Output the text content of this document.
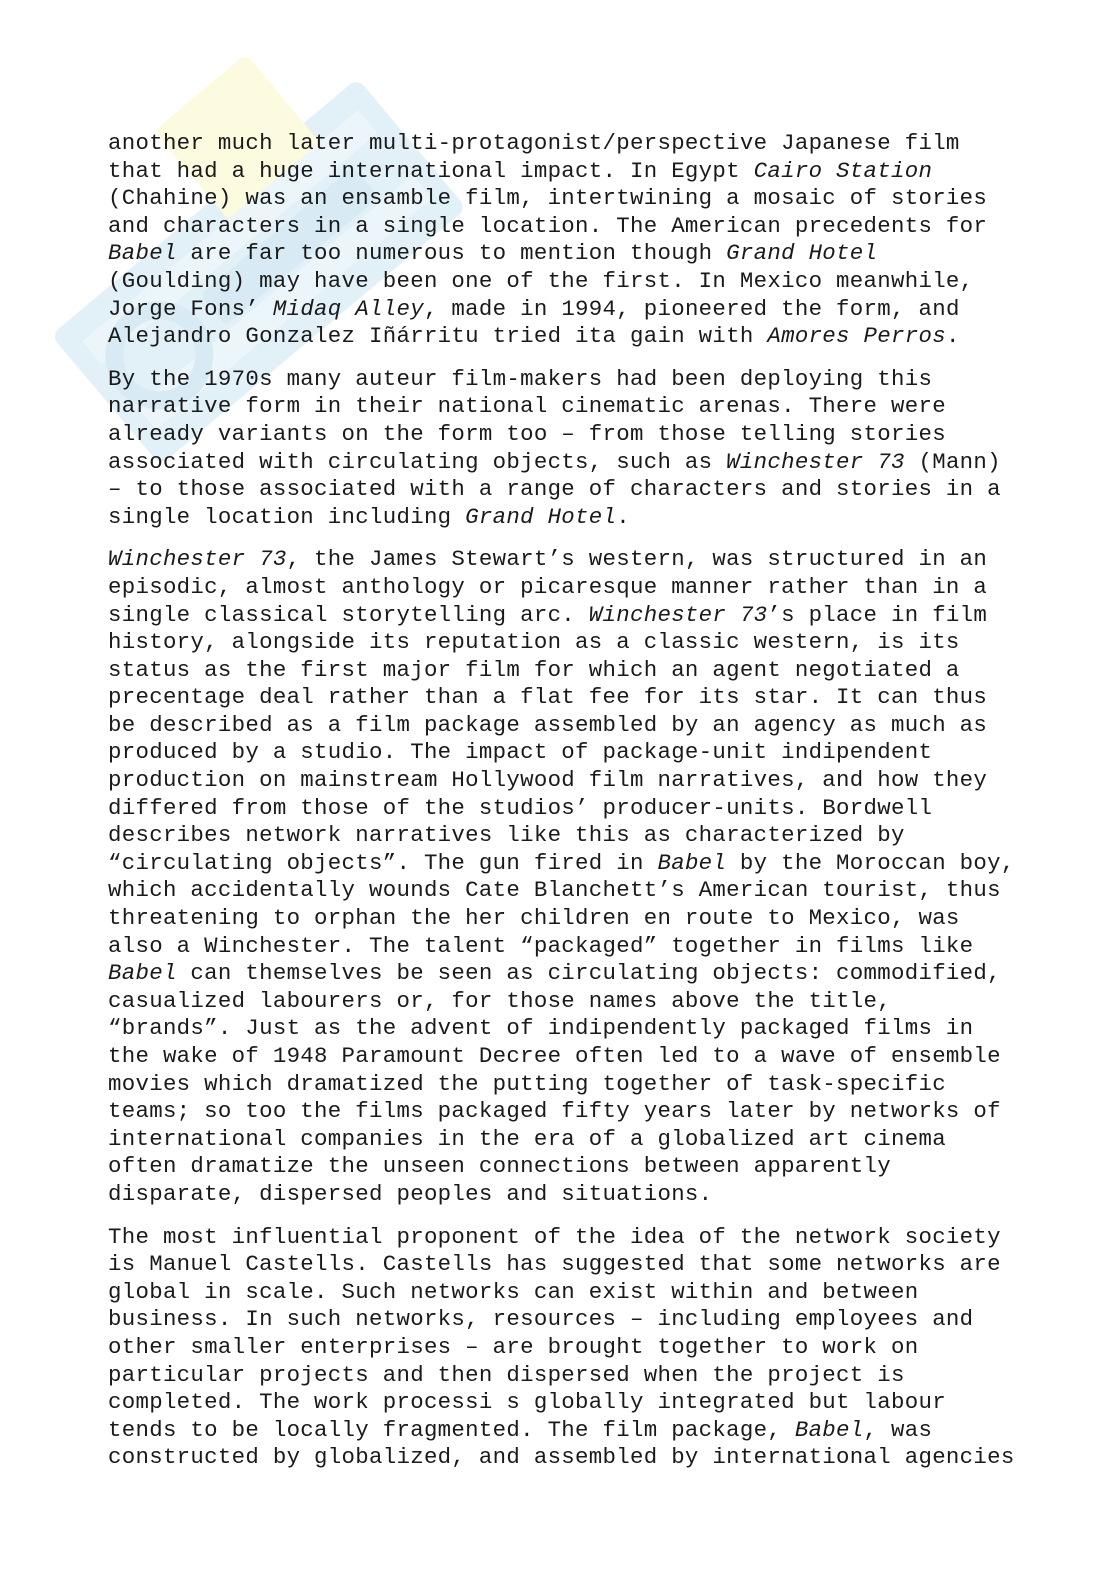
another much later multi-protagonist/perspective Japanese film
that had a huge international impact. In Egypt Cairo Station
(Chahine) was an ensamble film, intertwining a mosaic of stories
and characters in a single location. The American precedents for
Babel are far too numerous to mention though Grand Hotel
(Goulding) may have been one of the first. In Mexico meanwhile,
Jorge Fons’ Midaq Alley, made in 1994, pioneered the form, and
Alejandro Gonzalez Iñárritu tried ita gain with Amores Perros.
By the 1970s many auteur film-makers had been deploying this
narrative form in their national cinematic arenas. There were
already variants on the form too – from those telling stories
associated with circulating objects, such as Winchester 73 (Mann)
– to those associated with a range of characters and stories in a
single location including Grand Hotel.
Winchester 73, the James Stewart’s western, was structured in an
episodic, almost anthology or picaresque manner rather than in a
single classical storytelling arc. Winchester 73’s place in film
history, alongside its reputation as a classic western, is its
status as the first major film for which an agent negotiated a
precentage deal rather than a flat fee for its star. It can thus
be described as a film package assembled by an agency as much as
produced by a studio. The impact of package-unit indipendent
production on mainstream Hollywood film narratives, and how they
differed from those of the studios’ producer-units. Bordwell
describes network narratives like this as characterized by
“circulating objects”. The gun fired in Babel by the Moroccan boy,
which accidentally wounds Cate Blanchett’s American tourist, thus
threatening to orphan the her children en route to Mexico, was
also a Winchester. The talent “packaged” together in films like
Babel can themselves be seen as circulating objects: commodified,
casualized labourers or, for those names above the title,
“brands”. Just as the advent of indipendently packaged films in
the wake of 1948 Paramount Decree often led to a wave of ensemble
movies which dramatized the putting together of task-specific
teams; so too the films packaged fifty years later by networks of
international companies in the era of a globalized art cinema
often dramatize the unseen connections between apparently
disparate, dispersed peoples and situations.
The most influential proponent of the idea of the network society
is Manuel Castells. Castells has suggested that some networks are
global in scale. Such networks can exist within and between
business. In such networks, resources – including employees and
other smaller enterprises – are brought together to work on
particular projects and then dispersed when the project is
completed. The work processi s globally integrated but labour
tends to be locally fragmented. The film package, Babel, was
constructed by globalized, and assembled by international agencies
